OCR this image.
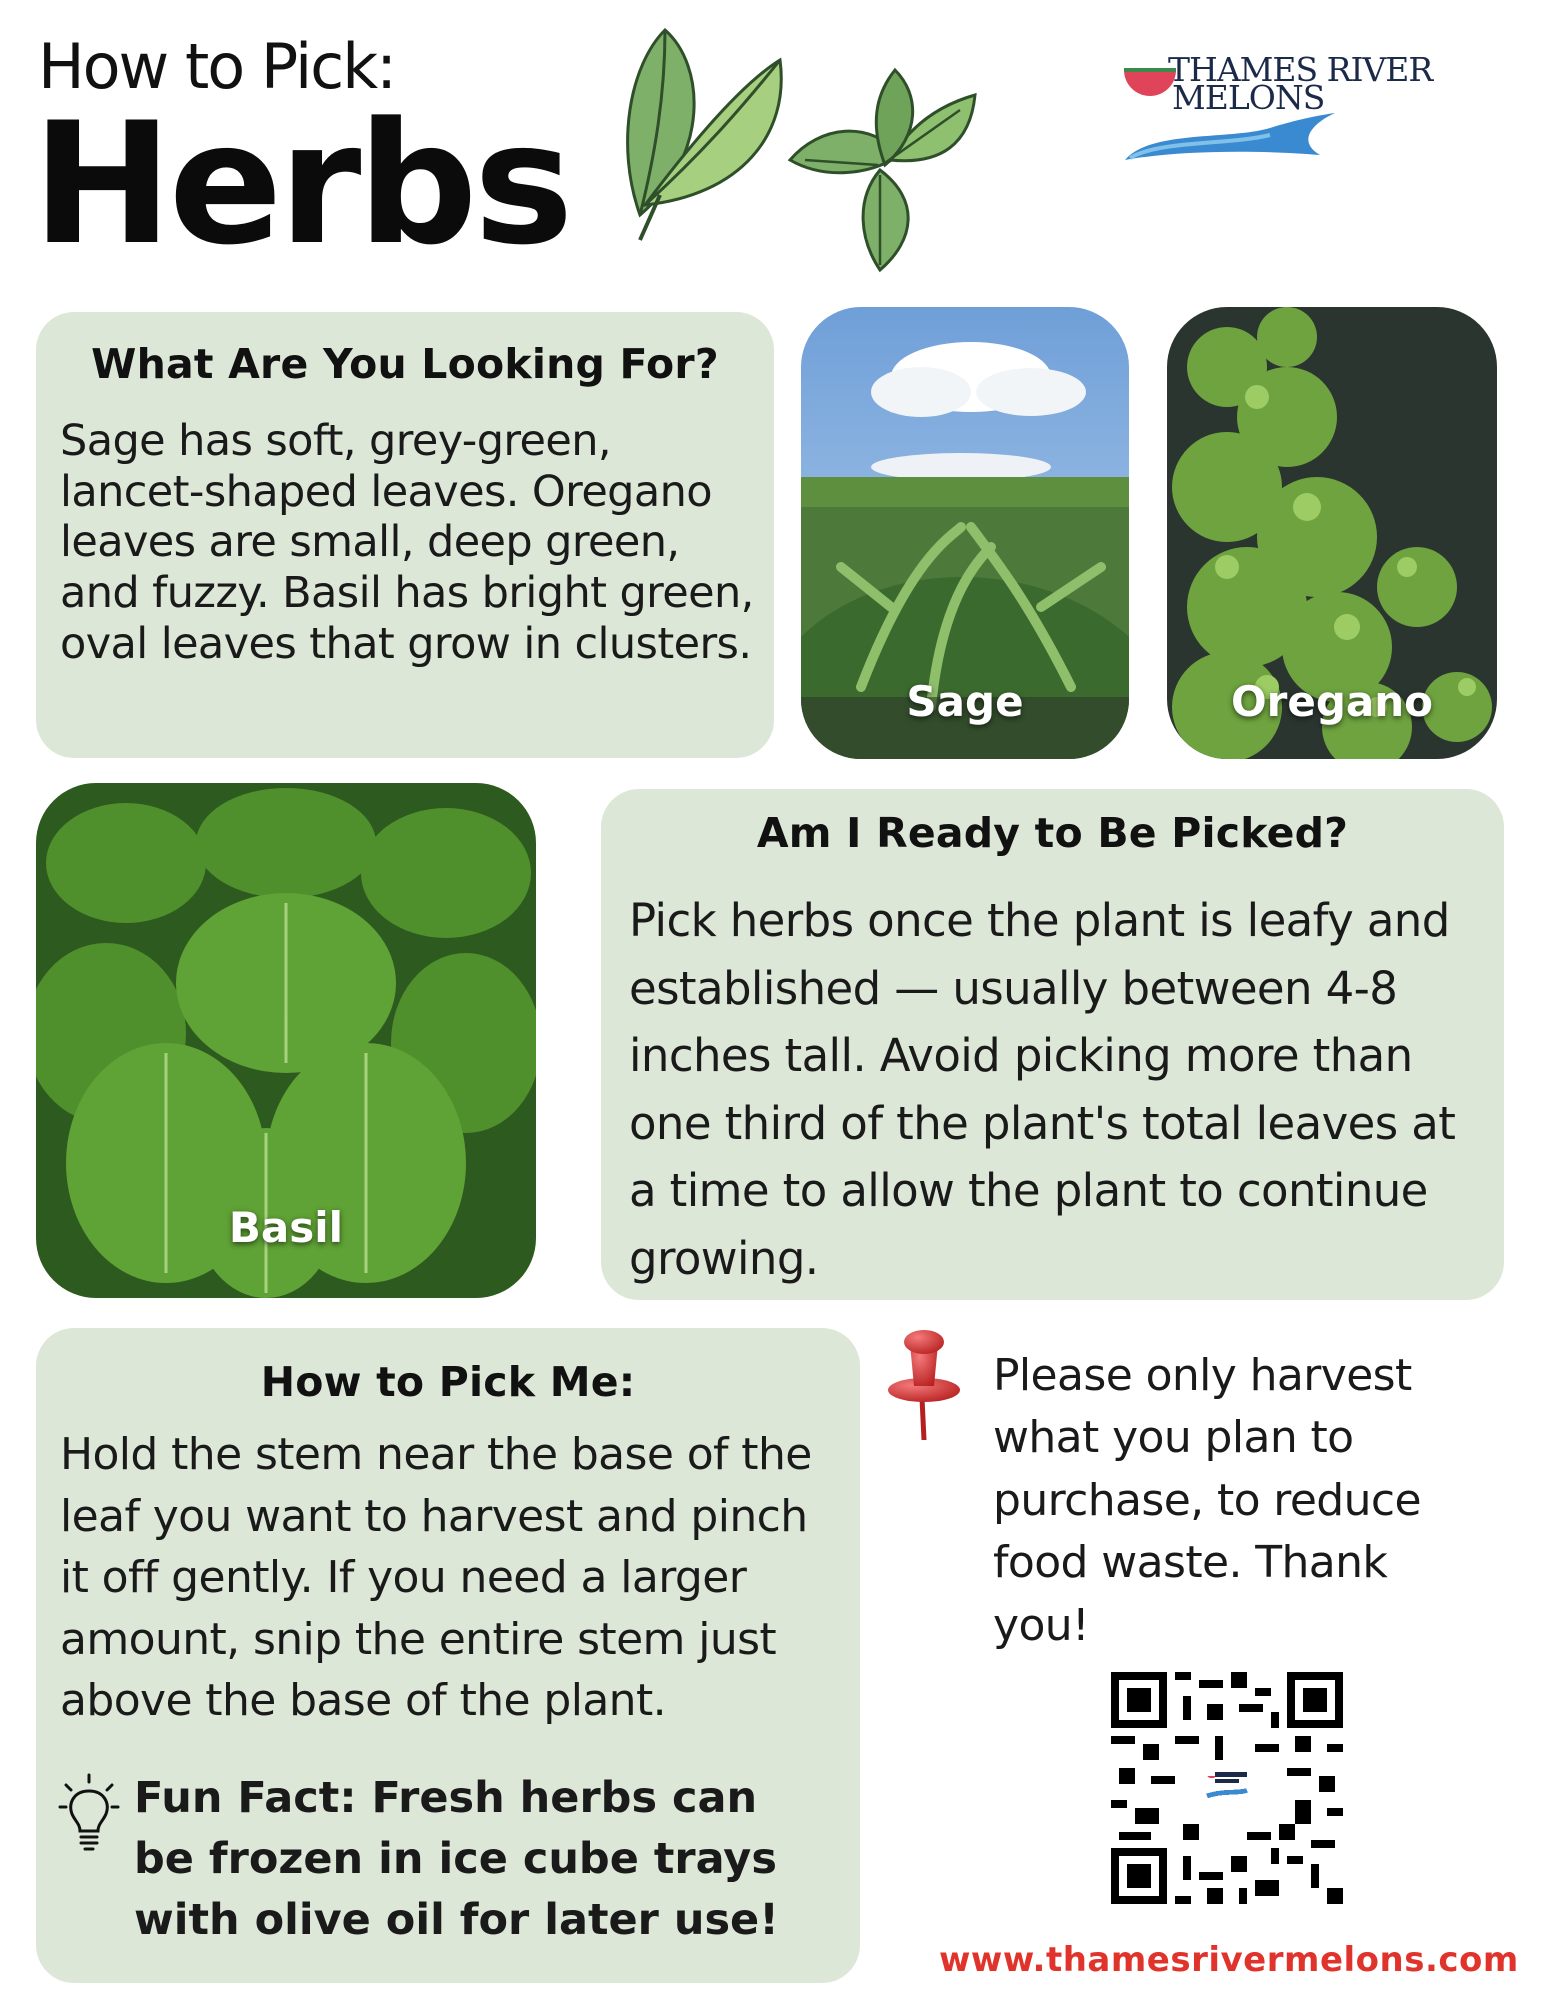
How to Pick:
Herbs
THAMES RIVER
MELONS
What Are You Looking For?

Sage has soft, grey-green, lancet-shaped leaves. Oregano leaves are small, deep green, and fuzzy. Basil has bright green, oval leaves that grow in clusters.

Sage	Oregano
Basil
Am I Ready to Be Picked?

Pick herbs once the plant is leafy and established — usually between 4-8 inches tall. Avoid picking more than one third of the plant's total leaves at a time to allow the plant to continue growing.

How to Pick Me:

Hold the stem near the base of the leaf you want to harvest and pinch it off gently. If you need a larger amount, snip the entire stem just above the base of the plant.

Fun Fact: Fresh herbs can be frozen in ice cube trays with olive oil for later use!

Please only harvest what you plan to purchase, to reduce food waste. Thank you!

www.thamesrivermelons.com
